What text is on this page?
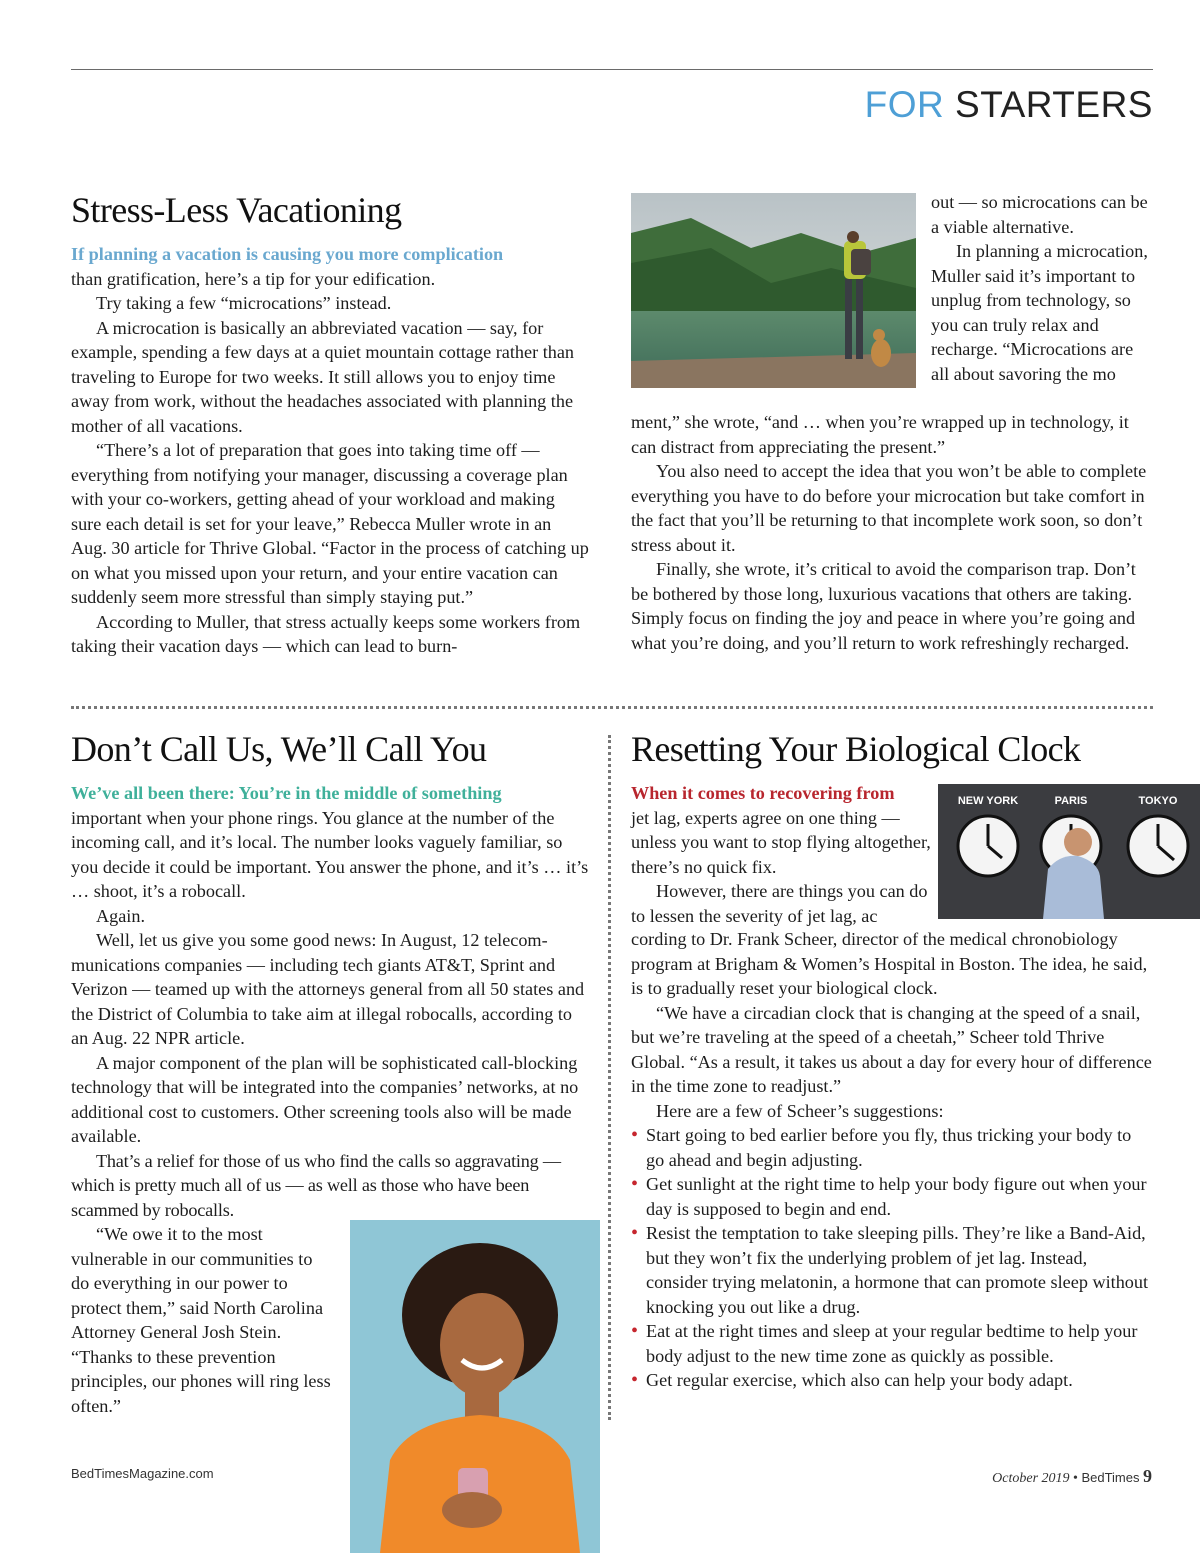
FOR STARTERS
Stress-Less Vacationing

If planning a vacation is causing you more complication
than gratification, here’s a tip for your edification.

Try taking a few “microcations” instead.

A microcation is basically an abbreviated vacation — say, for example, spending a few days at a quiet mountain cottage rather than traveling to Europe for two weeks. It still allows you to enjoy time away from work, without the headaches associated with planning the mother of all vacations.

“There’s a lot of preparation that goes into taking time off — everything from notifying your manager, discussing a coverage plan with your co-workers, getting ahead of your workload and making sure each detail is set for your leave,” Rebecca Muller wrote in an Aug. 30 article for Thrive Global. “Factor in the process of catching up on what you missed upon your return, and your entire vacation can suddenly seem more stressful than simply staying put.”

According to Muller, that stress actually keeps some workers from taking their vacation days — which can lead to burn-

out — so microcations can be a viable alternative.

In planning a microcation, Muller said it’s important to unplug from technology, so you can truly relax and recharge. “Microcations are all about savoring the mo

ment,” she wrote, “and … when you’re wrapped up in technology, it can distract from appreciating the present.”

You also need to accept the idea that you won’t be able to complete everything you have to do before your microcation but take comfort in the fact that you’ll be returning to that incomplete work soon, so don’t stress about it.

Finally, she wrote, it’s critical to avoid the comparison trap. Don’t be bothered by those long, luxurious vacations that others are taking. Simply focus on finding the joy and peace in where you’re going and what you’re doing, and you’ll return to work refreshingly recharged.

Don’t Call Us, We’ll Call You

We’ve all been there: You’re in the middle of something
important when your phone rings. You glance at the number of the incoming call, and it’s local. The number looks vaguely familiar, so you decide it could be important. You answer the phone, and it’s … it’s … shoot, it’s a robocall.

Again.

Well, let us give you some good news: In August, 12 telecommunications companies — including tech giants AT&T, Sprint and Verizon — teamed up with the attorneys general from all 50 states and the District of Columbia to take aim at illegal robocalls, according to an Aug. 22 NPR article.

A major component of the plan will be sophisticated call-blocking technology that will be integrated into the companies’ networks, at no additional cost to customers. Other screening tools also will be made available.

That’s a relief for those of us who find the calls so aggravating — which is pretty much all of us — as well as those who have been scammed by robocalls.

“We owe it to the most vulnerable in our communities to do everything in our power to protect them,” said North Carolina Attorney General Josh Stein. “Thanks to these prevention principles, our phones will ring less often.”

Resetting Your Biological Clock

When it comes to recovering from
jet lag, experts agree on one thing — unless you want to stop flying altogether, there’s no quick fix.

However, there are things you can do to lessen the severity of jet lag, ac

NEW YORK	PARIS	TOKYO

cording to Dr. Frank Scheer, director of the medical chronobiology program at Brigham & Women’s Hospital in Boston. The idea, he said, is to gradually reset your biological clock.

“We have a circadian clock that is changing at the speed of a snail, but we’re traveling at the speed of a cheetah,” Scheer told Thrive Global. “As a result, it takes us about a day for every hour of difference in the time zone to readjust.”

Here are a few of Scheer’s suggestions:

• Start going to bed earlier before you fly, thus tricking your body to go ahead and begin adjusting.
• Get sunlight at the right time to help your body figure out when your day is supposed to begin and end.
• Resist the temptation to take sleeping pills. They’re like a Band-Aid, but they won’t fix the underlying problem of jet lag. Instead, consider trying melatonin, a hormone that can promote sleep without knocking you out like a drug.
• Eat at the right times and sleep at your regular bedtime to help your body adjust to the new time zone as quickly as possible.
• Get regular exercise, which also can help your body adapt.
BedTimesMagazine.com	October 2019 • BedTimes 9
